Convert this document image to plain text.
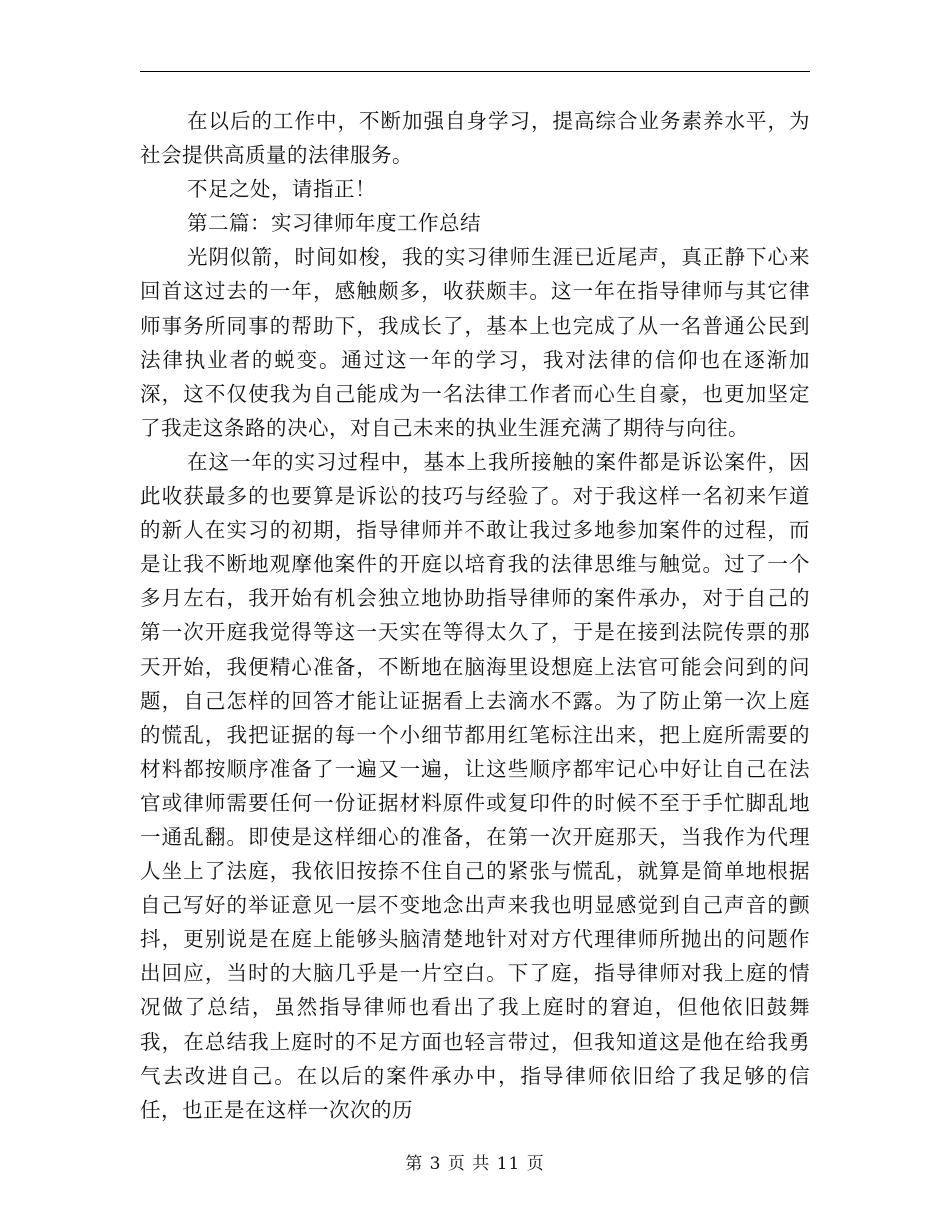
在以后的工作中，不断加强自身学习，提高综合业务素养水平，为社会提供高质量的法律服务。

不足之处，请指正！

第二篇：实习律师年度工作总结

光阴似箭，时间如梭，我的实习律师生涯已近尾声，真正静下心来回首这过去的一年，感触颇多，收获颇丰。这一年在指导律师与其它律师事务所同事的帮助下，我成长了，基本上也完成了从一名普通公民到法律执业者的蜕变。通过这一年的学习，我对法律的信仰也在逐渐加深，这不仅使我为自己能成为一名法律工作者而心生自豪，也更加坚定了我走这条路的决心，对自己未来的执业生涯充满了期待与向往。

在这一年的实习过程中，基本上我所接触的案件都是诉讼案件，因此收获最多的也要算是诉讼的技巧与经验了。对于我这样一名初来乍道的新人在实习的初期，指导律师并不敢让我过多地参加案件的过程，而是让我不断地观摩他案件的开庭以培育我的法律思维与触觉。过了一个多月左右，我开始有机会独立地协助指导律师的案件承办，对于自己的第一次开庭我觉得等这一天实在等得太久了，于是在接到法院传票的那天开始，我便精心准备，不断地在脑海里设想庭上法官可能会问到的问题，自己怎样的回答才能让证据看上去滴水不露。为了防止第一次上庭的慌乱，我把证据的每一个小细节都用红笔标注出来，把上庭所需要的材料都按顺序准备了一遍又一遍，让这些顺序都牢记心中好让自己在法官或律师需要任何一份证据材料原件或复印件的时候不至于手忙脚乱地一通乱翻。即使是这样细心的准备，在第一次开庭那天，当我作为代理人坐上了法庭，我依旧按捺不住自己的紧张与慌乱，就算是简单地根据自己写好的举证意见一层不变地念出声来我也明显感觉到自己声音的颤抖，更别说是在庭上能够头脑清楚地针对对方代理律师所抛出的问题作出回应，当时的大脑几乎是一片空白。下了庭，指导律师对我上庭的情况做了总结，虽然指导律师也看出了我上庭时的窘迫，但他依旧鼓舞我，在总结我上庭时的不足方面也轻言带过，但我知道这是他在给我勇气去改进自己。在以后的案件承办中，指导律师依旧给了我足够的信任，也正是在这样一次次的历

第 3 页 共 11 页
